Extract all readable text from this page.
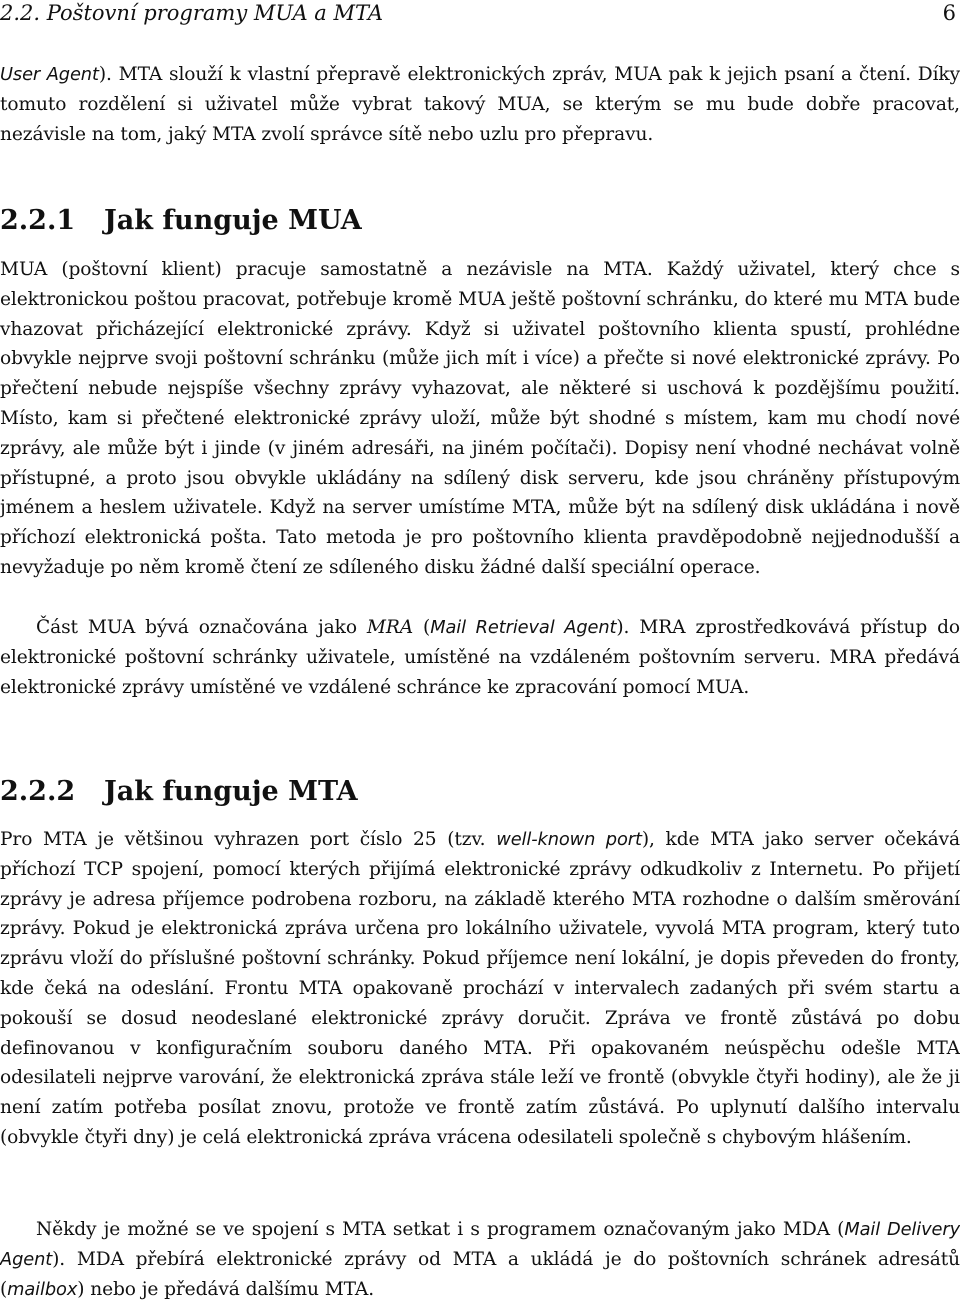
2.2. Poštovní programy MUA a MTA	6

User Agent). MTA slouží k vlastní přepravě elektronických zpráv, MUA pak k jejich psaní a čtení. Díky tomuto rozdělení si uživatel může vybrat takový MUA, se kterým se mu bude dobře pracovat, nezávisle na tom, jaký MTA zvolí správce sítě nebo uzlu pro přepravu.

2.2.1 Jak funguje MUA

MUA (poštovní klient) pracuje samostatně a nezávisle na MTA. Každý uživatel, který chce s elektronickou poštou pracovat, potřebuje kromě MUA ještě poštovní schránku, do které mu MTA bude vhazovat přicházející elektronické zprávy. Když si uživatel poštovního klienta spustí, prohlédne obvykle nejprve svoji poštovní schránku (může jich mít i více) a přečte si nové elektronické zprávy. Po přečtení nebude nejspíše všechny zprávy vyhazovat, ale některé si uschová k pozdějšímu použití. Místo, kam si přečtené elektronické zprávy uloží, může být shodné s místem, kam mu chodí nové zprávy, ale může být i jinde (v jiném adresáři, na jiném počítači). Dopisy není vhodné nechávat volně přístupné, a proto jsou obvykle ukládány na sdílený disk serveru, kde jsou chráněny přístupovým jménem a heslem uživatele. Když na server umístíme MTA, může být na sdílený disk ukládána i nově příchozí elektronická pošta. Tato metoda je pro poštovního klienta pravděpodobně nejjednodušší a nevyžaduje po něm kromě čtení ze sdíleného disku žádné další speciální operace.

Část MUA bývá označována jako MRA (Mail Retrieval Agent). MRA zprostředkovává přístup do elektronické poštovní schránky uživatele, umístěné na vzdáleném poštovním serveru. MRA předává elektronické zprávy umístěné ve vzdálené schránce ke zpracování pomocí MUA.

2.2.2 Jak funguje MTA

Pro MTA je většinou vyhrazen port číslo 25 (tzv. well-known port), kde MTA jako server očekává příchozí TCP spojení, pomocí kterých přijímá elektronické zprávy odkudkoliv z Internetu. Po přijetí zprávy je adresa příjemce podrobena rozboru, na základě kterého MTA rozhodne o dalším směrování zprávy. Pokud je elektronická zpráva určena pro lokálního uživatele, vyvolá MTA program, který tuto zprávu vloží do příslušné poštovní schránky. Pokud příjemce není lokální, je dopis převeden do fronty, kde čeká na odeslání. Frontu MTA opakovaně prochází v intervalech zadaných při svém startu a pokouší se dosud neodeslané elektronické zprávy doručit. Zpráva ve frontě zůstává po dobu definovanou v konfiguračním souboru daného MTA. Při opakovaném neúspěchu odešle MTA odesilateli nejprve varování, že elektronická zpráva stále leží ve frontě (obvykle čtyři hodiny), ale že ji není zatím potřeba posílat znovu, protože ve frontě zatím zůstává. Po uplynutí dalšího intervalu (obvykle čtyři dny) je celá elektronická zpráva vrácena odesilateli společně s chybovým hlášením.

Někdy je možné se ve spojení s MTA setkat i s programem označovaným jako MDA (Mail Delivery Agent). MDA přebírá elektronické zprávy od MTA a ukládá je do poštovních schránek adresátů (mailbox) nebo je předává dalšímu MTA.
